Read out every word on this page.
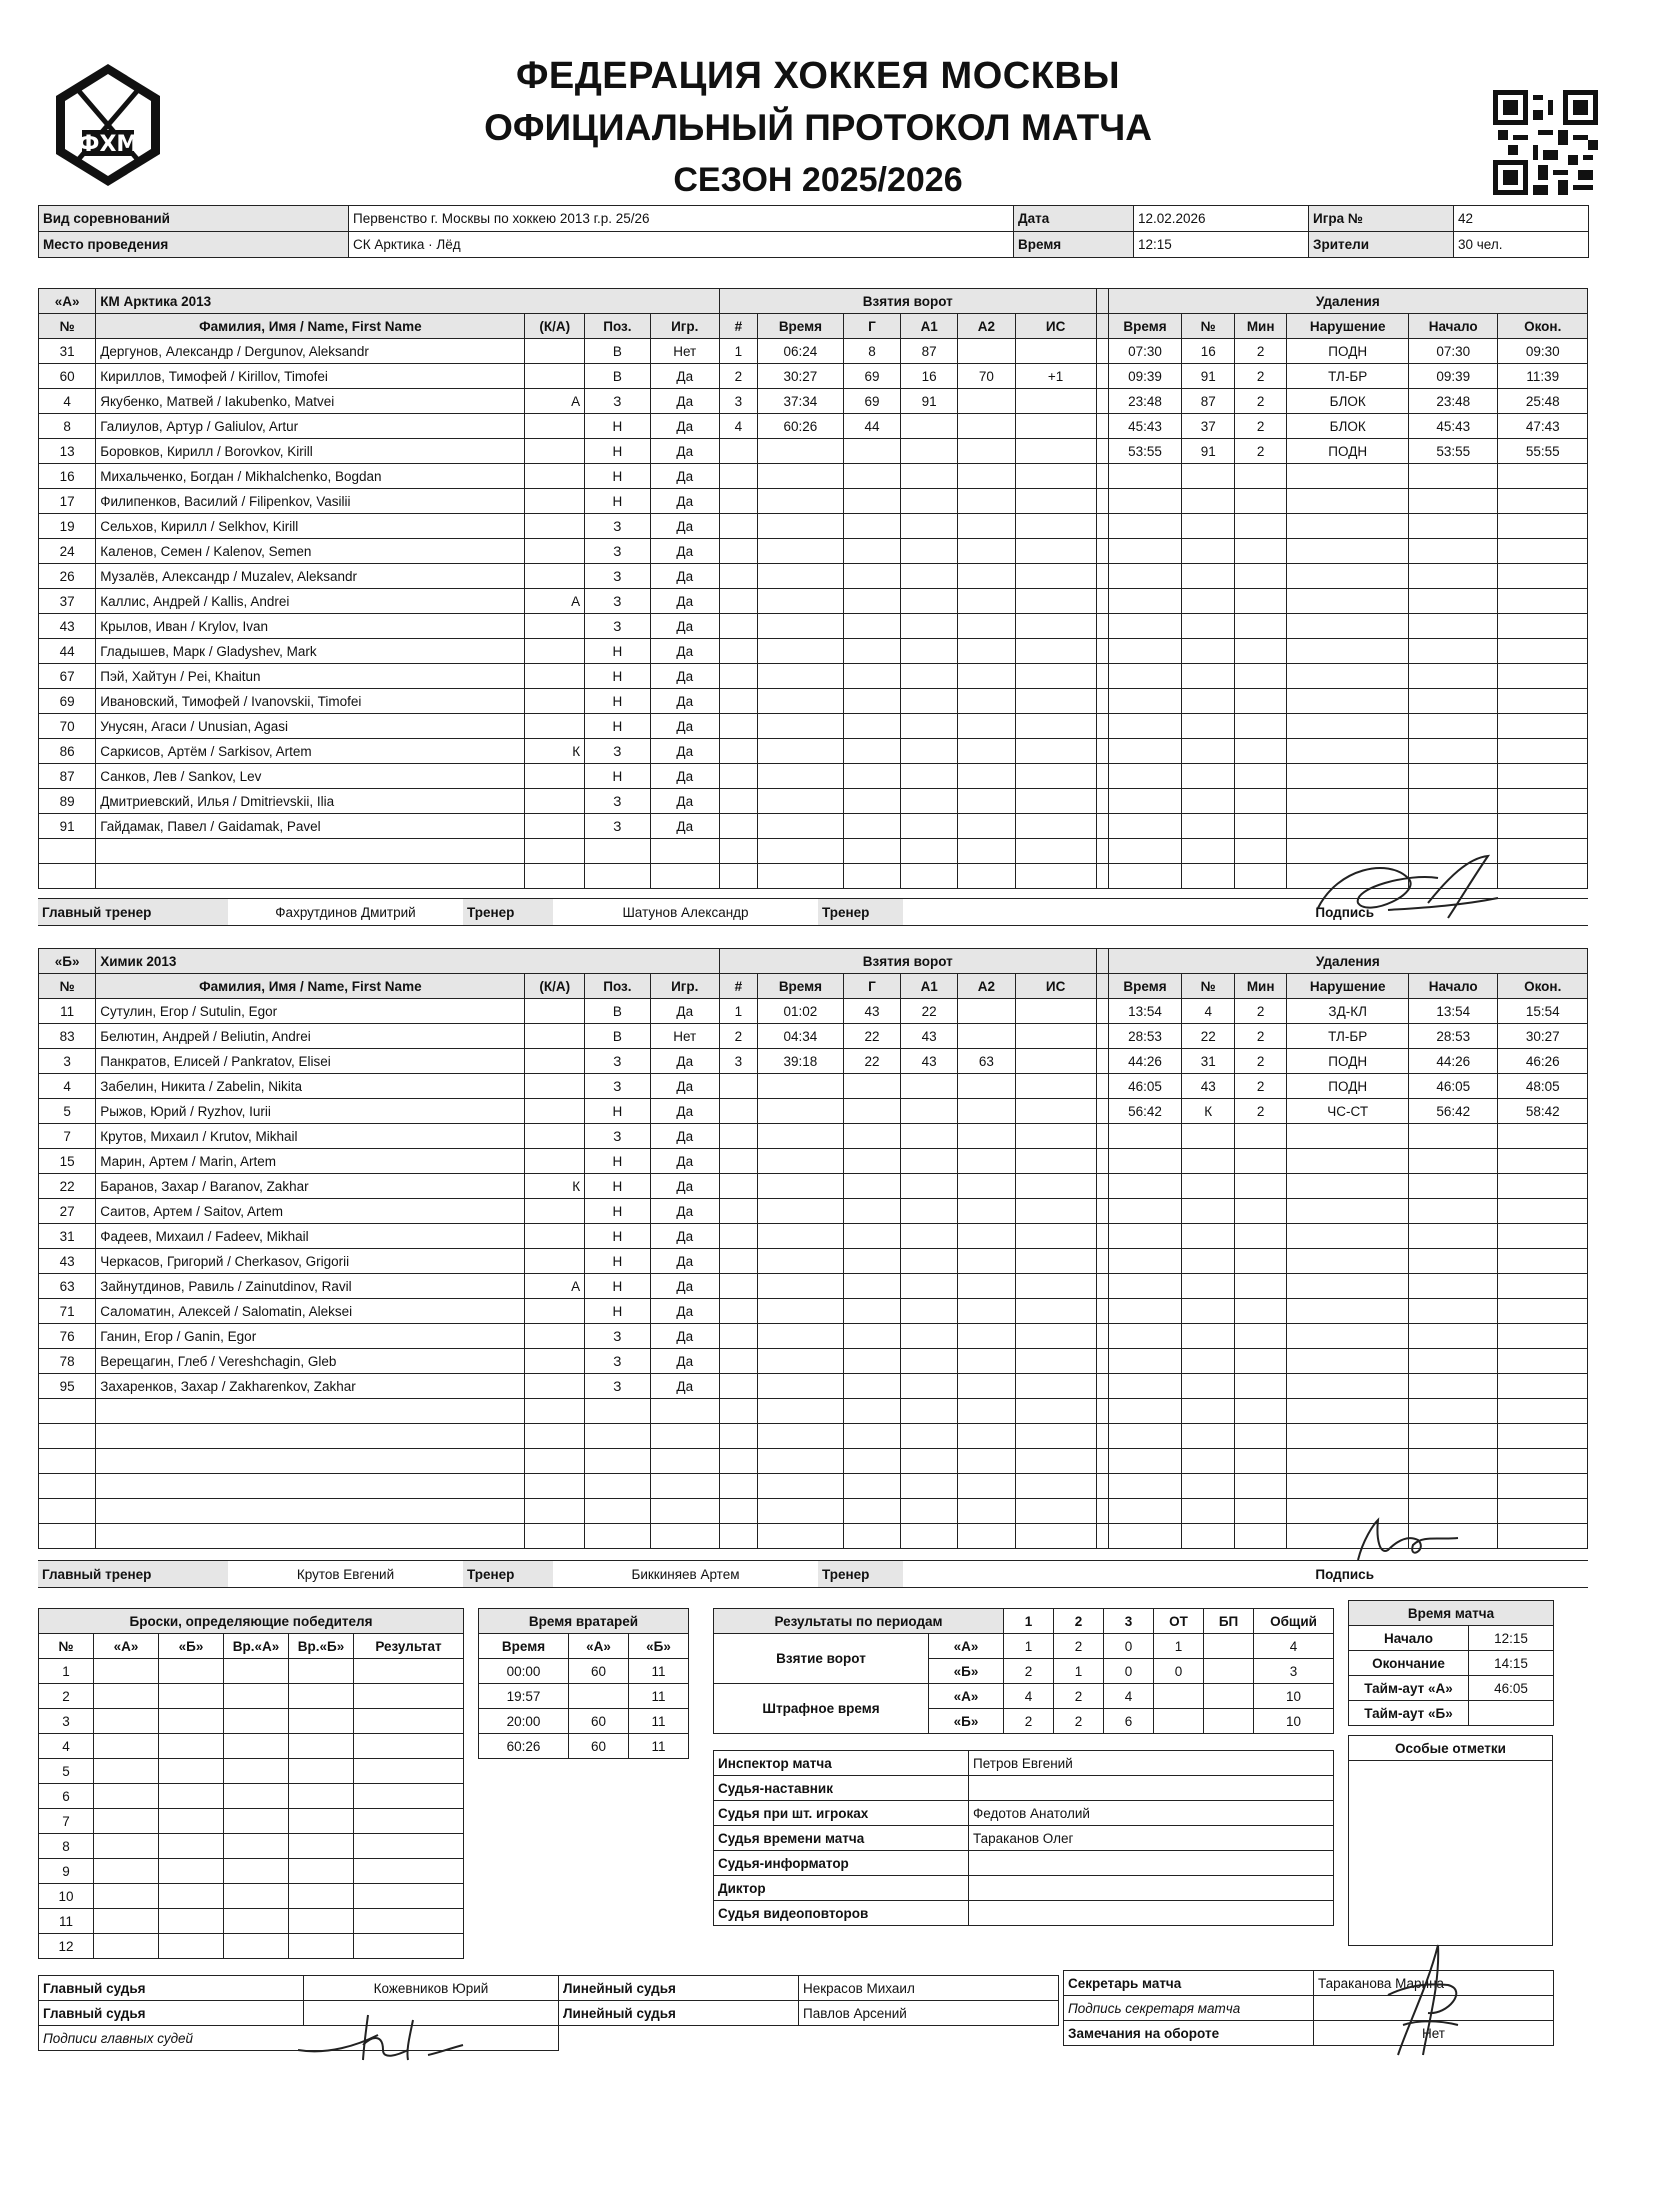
ФХМ
ФЕДЕРАЦИЯ ХОККЕЯ МОСКВЫ
ОФИЦИАЛЬНЫЙ ПРОТОКОЛ МАТЧА
СЕЗОН 2025/2026
Вид соревнований	Первенство г. Москвы по хоккею 2013 г.р. 25/26	Дата	12.02.2026	Игра №	42
Место проведения	СК Арктика · Лёд	Время	12:15	Зрители	30 чел.
«А»	КМ Арктика 2013				Взятия ворот							Удаления					
№	Фамилия, Имя / Name, First Name	(К/А)	Поз.	Игр.	#	Время	Г	А1	А2	ИС		Время	№	Мин	Нарушение	Начало	Окон.
31	Дергунов, Александр / Dergunov, Aleksandr		В	Нет	1	06:24	8	87				07:30	16	2	ПОДН	07:30	09:30
60	Кириллов, Тимофей / Kirillov, Timofei		В	Да	2	30:27	69	16	70	+1		09:39	91	2	ТЛ-БР	09:39	11:39
4	Якубенко, Матвей / Iakubenko, Matvei	А	З	Да	3	37:34	69	91				23:48	87	2	БЛОК	23:48	25:48
8	Галиулов, Артур / Galiulov, Artur		Н	Да	4	60:26	44					45:43	37	2	БЛОК	45:43	47:43
13	Боровков, Кирилл / Borovkov, Kirill		Н	Да								53:55	91	2	ПОДН	53:55	55:55
16	Михальченко, Богдан / Mikhalchenko, Bogdan		Н	Да													
17	Филипенков, Василий / Filipenkov, Vasilii		Н	Да													
19	Сельхов, Кирилл / Selkhov, Kirill		З	Да													
24	Каленов, Семен / Kalenov, Semen		З	Да													
26	Музалёв, Александр / Muzalev, Aleksandr		З	Да													
37	Каллис, Андрей / Kallis, Andrei	А	З	Да													
43	Крылов, Иван / Krylov, Ivan		З	Да													
44	Гладышев, Марк / Gladyshev, Mark		Н	Да													
67	Пэй, Хайтун / Pei, Khaitun		Н	Да													
69	Ивановский, Тимофей / Ivanovskii, Timofei		Н	Да													
70	Унусян, Агаси / Unusian, Agasi		Н	Да													
86	Саркисов, Артём / Sarkisov, Artem	К	З	Да													
87	Санков, Лев / Sankov, Lev		Н	Да													
89	Дмитриевский, Илья / Dmitrievskii, Ilia		З	Да													
91	Гайдамак, Павел / Gaidamak, Pavel		З	Да													

Главный тренер	Фахрутдинов Дмитрий	Тренер	Шатунов Александр	Тренер		Подпись	
«Б»	Химик 2013				Взятия ворот							Удаления					
№	Фамилия, Имя / Name, First Name	(К/А)	Поз.	Игр.	#	Время	Г	А1	А2	ИС		Время	№	Мин	Нарушение	Начало	Окон.
11	Сутулин, Егор / Sutulin, Egor		В	Да	1	01:02	43	22				13:54	4	2	ЗД-КЛ	13:54	15:54
83	Белютин, Андрей / Beliutin, Andrei		В	Нет	2	04:34	22	43				28:53	22	2	ТЛ-БР	28:53	30:27
3	Панкратов, Елисей / Pankratov, Elisei		З	Да	3	39:18	22	43	63			44:26	31	2	ПОДН	44:26	46:26
4	Забелин, Никита / Zabelin, Nikita		З	Да								46:05	43	2	ПОДН	46:05	48:05
5	Рыжов, Юрий / Ryzhov, Iurii		Н	Да								56:42	К	2	ЧС-СТ	56:42	58:42
7	Крутов, Михаил / Krutov, Mikhail		З	Да													
15	Марин, Артем / Marin, Artem		Н	Да													
22	Баранов, Захар / Baranov, Zakhar	К	Н	Да													
27	Саитов, Артем / Saitov, Artem		Н	Да													
31	Фадеев, Михаил / Fadeev, Mikhail		Н	Да													
43	Черкасов, Григорий / Cherkasov, Grigorii		Н	Да													
63	Зайнутдинов, Равиль / Zainutdinov, Ravil	А	Н	Да													
71	Саломатин, Алексей / Salomatin, Aleksei		Н	Да													
76	Ганин, Егор / Ganin, Egor		З	Да													
78	Верещагин, Глеб / Vereshchagin, Gleb		З	Да													
95	Захаренков, Захар / Zakharenkov, Zakhar		З	Да													

Главный тренер	Крутов Евгений	Тренер	Биккиняев Артем	Тренер		Подпись	
Броски, определяющие победителя					
№	«А»	«Б»	Вр.«А»	Вр.«Б»	Результат
1					
2					
3					
4					
5					
6					
7					
8					
9					
10					
11					
12					
Время вратарей		
Время	«А»	«Б»
00:00	60	11
19:57		11
20:00	60	11
60:26	60	11
Результаты по периодам		1	2	3	ОТ	БП	Общий
Взятие ворот	«А»	1	2	0	1		4
	«Б»	2	1	0	0		3
Штрафное время	«А»	4	2	4			10
	«Б»	2	2	6			10
Время матча	
Начало	12:15
Окончание	14:15
Тайм-аут «А»	46:05
Тайм-аут «Б»	
Инспектор матча	Петров Евгений
Судья-наставник	
Судья при шт. игроках	Федотов Анатолий
Судья времени матча	Тараканов Олег
Судья-информатор	
Диктор	
Судья видеоповторов	
Особые отметки

Главный судья	Кожевников Юрий
Главный судья	
Подписи главных судей	
Линейный судья	Некрасов Михаил
Линейный судья	Павлов Арсений
Секретарь матча	Тараканова Марина
Подпись секретаря матча	
Замечания на обороте	Нет
